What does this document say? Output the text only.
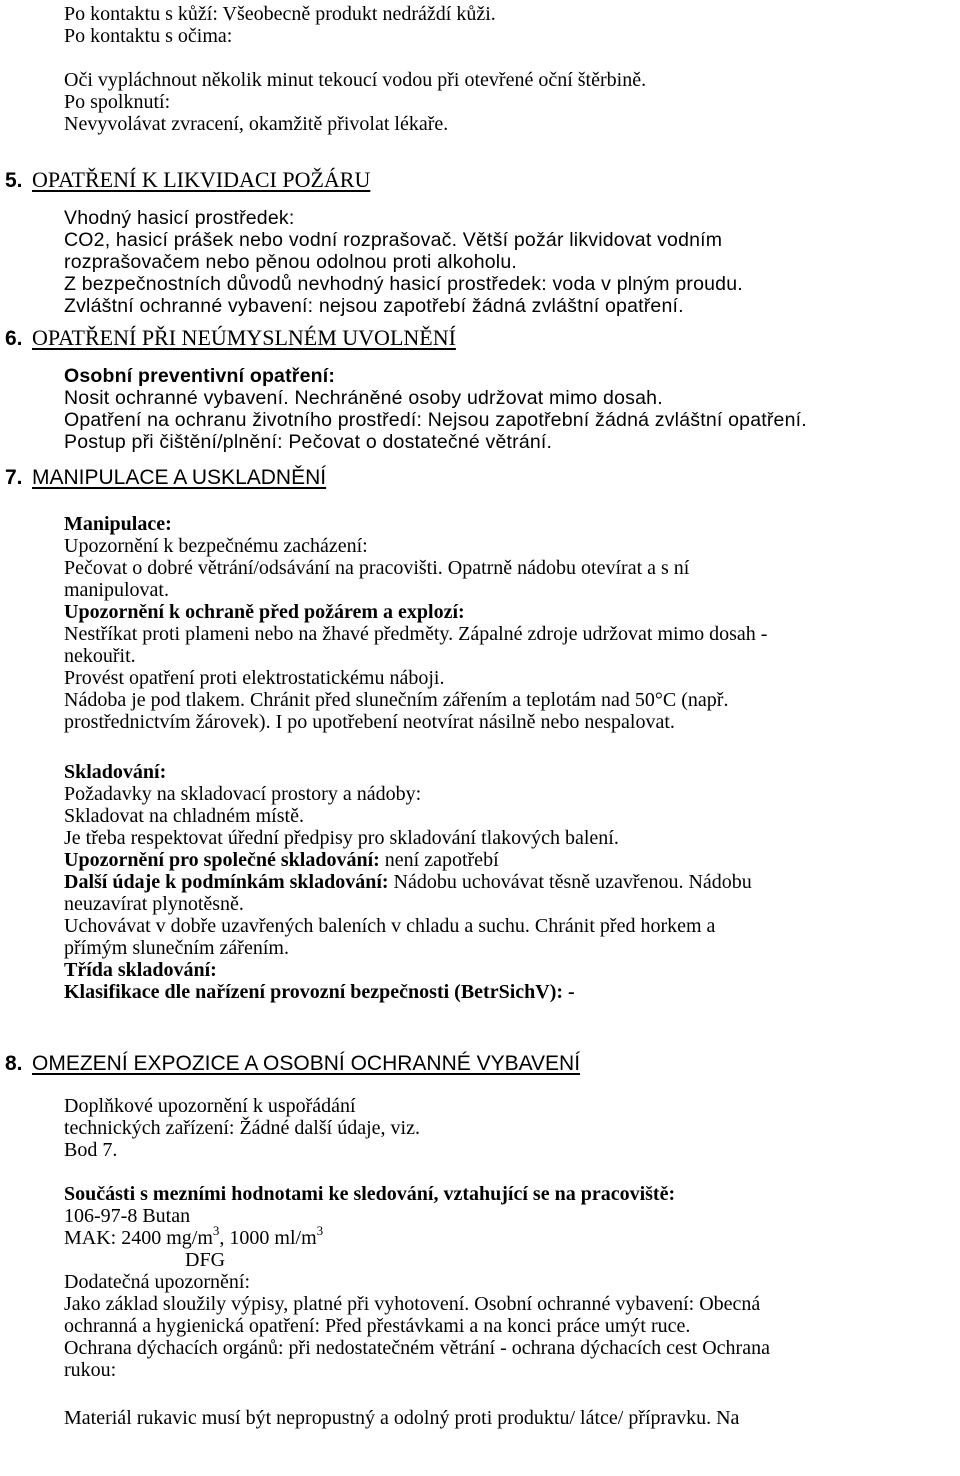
Po kontaktu s kůží: Všeobecně produkt nedráždí kůži.
Po kontaktu s očima:
Oči vypláchnout několik minut tekoucí vodou při otevřené oční štěrbině.
Po spolknutí:
Nevyvolávat zvracení, okamžitě přivolat lékaře.
5. OPATŘENÍ K LIKVIDACI POŽÁRU
Vhodný hasicí prostředek:
CO2, hasicí prášek nebo vodní rozprašovač. Větší požár likvidovat vodním
rozprašovačem nebo pěnou odolnou proti alkoholu.
Z bezpečnostních důvodů nevhodný hasicí prostředek: voda v plným proudu.
Zvláštní ochranné vybavení: nejsou zapotřebí žádná zvláštní opatření.
6. OPATŘENÍ PŘI NEÚMYSLNÉM UVOLNĚNÍ
Osobní preventivní opatření:
Nosit ochranné vybavení. Nechráněné osoby udržovat mimo dosah.
Opatření na ochranu životního prostředí: Nejsou zapotřební žádná zvláštní opatření.
Postup při čištění/plnění: Pečovat o dostatečné větrání.
7. MANIPULACE A USKLADNĚNÍ
Manipulace:
Upozornění k bezpečnému zacházení:
Pečovat o dobré větrání/odsávání na pracovišti. Opatrně nádobu otevírat a s ní
manipulovat.
Upozornění k ochraně před požárem a explozí:
Nestříkat proti plameni nebo na žhavé předměty. Zápalné zdroje udržovat mimo dosah -
nekouřit.
Provést opatření proti elektrostatickému náboji.
Nádoba je pod tlakem. Chránit před slunečním zářením a teplotám nad 50°C (např.
prostřednictvím žárovek). I po upotřebení neotvírat násilně nebo nespalovat.
Skladování:
Požadavky na skladovací prostory a nádoby:
Skladovat na chladném místě.
Je třeba respektovat úřední předpisy pro skladování tlakových balení.
Upozornění pro společné skladování: není zapotřebí
Další údaje k podmínkám skladování: Nádobu uchovávat těsně uzavřenou. Nádobu
neuzavírat plynotěsně.
Uchovávat v dobře uzavřených baleních v chladu a suchu. Chránit před horkem a
přímým slunečním zářením.
Třída skladování:
Klasifikace dle nařízení provozní bezpečnosti (BetrSichV): -
8. OMEZENÍ EXPOZICE A OSOBNÍ OCHRANNÉ VYBAVENÍ
Doplňkové upozornění k uspořádání
technických zařízení: Žádné další údaje, viz.
Bod 7.
Součásti s mezními hodnotami ke sledování, vztahující se na pracoviště:
106-97-8 Butan
MAK: 2400 $mg/m^3$, 1000 $ml/m^3$
DFG
Dodatečná upozornění:
Jako základ sloužily výpisy, platné při vyhotovení. Osobní ochranné vybavení: Obecná
ochranná a hygienická opatření: Před přestávkami a na konci práce umýt ruce.
Ochrana dýchacích orgánů: při nedostatečném větrání - ochrana dýchacích cest Ochrana
rukou:
Materiál rukavic musí být nepropustný a odolný proti produktu/ látce/ přípravku. Na
